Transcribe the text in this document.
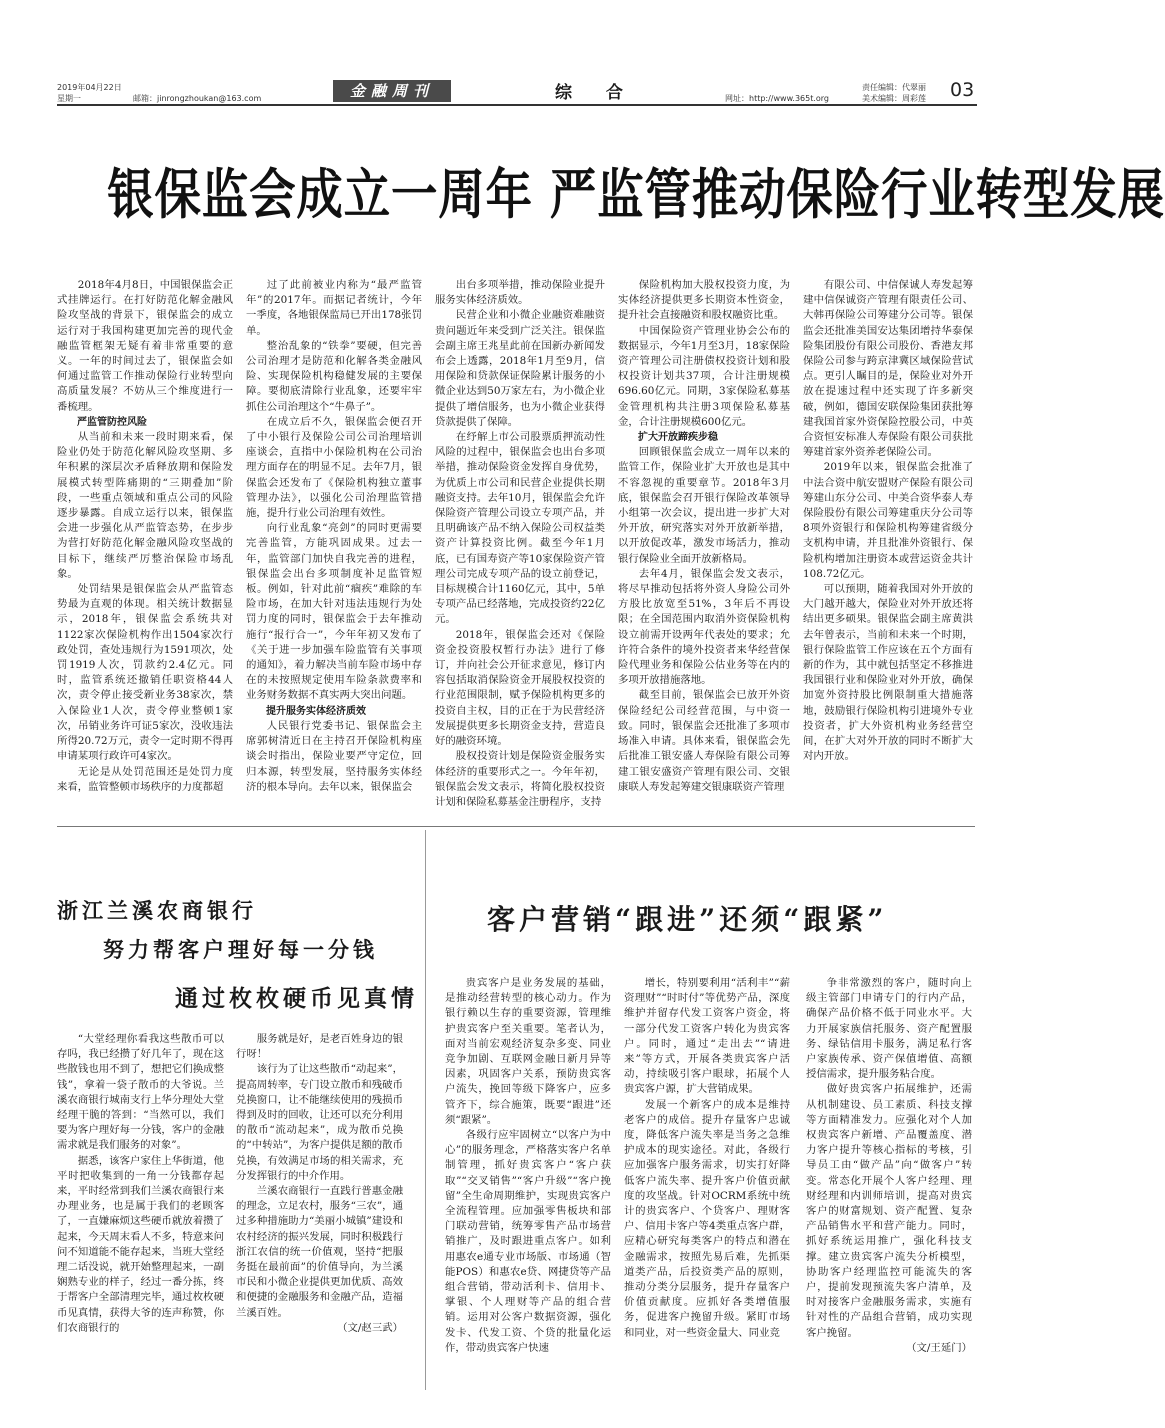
2019年04月22日
星期一	邮箱：jinrongzhoukan@163.com	金融周刊	综 合	网址：http://www.365t.org
责任编辑：代翠丽
美术编辑：周彩莲 03
银保监会成立一周年 严监管推动保险行业转型发展

2018年4月8日，中国银保监会正式挂牌运行。在打好防范化解金融风险攻坚战的背景下，银保监会的成立运行对于我国构建更加完善的现代金融监管框架无疑有着非常重要的意义。一年的时间过去了，银保监会如何通过监管工作推动保险行业转型向高质量发展？不妨从三个维度进行一番梳理。

严监管防控风险

从当前和未来一段时期来看，保险业仍处于防范化解风险攻坚期、多年积累的深层次矛盾释放期和保险发展模式转型阵痛期的“三期叠加”阶段，一些重点领域和重点公司的风险逐步暴露。自成立运行以来，银保监会进一步强化从严监管态势，在步步为营打好防范化解金融风险攻坚战的目标下，继续严厉整治保险市场乱象。

处罚结果是银保监会从严监管态势最为直观的体现。相关统计数据显示，2018年，银保监会系统共对1122家次保险机构作出1504家次行政处罚，查处违规行为1591项次，处罚1919人次，罚款约2.4亿元。同时，监管系统还撤销任职资格44人次，责令停止接受新业务38家次，禁入保险业1人次，责令停业整顿1家次，吊销业务许可证5家次，没收违法所得20.72万元，责令一定时期不得再申请某项行政许可4家次。

无论是从处罚范围还是处罚力度来看，监管整顿市场秩序的力度都超

过了此前被业内称为“最严监管年”的2017年。而据记者统计，今年一季度，各地银保监局已开出178张罚单。

整治乱象的“铁拳”要硬，但完善公司治理才是防范和化解各类金融风险、实现保险机构稳健发展的主要保障。要彻底清除行业乱象，还要牢牢抓住公司治理这个“牛鼻子”。

在成立后不久，银保监会便召开了中小银行及保险公司公司治理培训座谈会，直指中小保险机构在公司治理方面存在的明显不足。去年7月，银保监会还发布了《保险机构独立董事管理办法》，以强化公司治理监管措施，提升行业公司治理有效性。

向行业乱象“亮剑”的同时更需要完善监管，方能巩固成果。过去一年，监管部门加快自我完善的进程，银保监会出台多项制度补足监管短板。例如，针对此前“痼疾”难除的车险市场，在加大针对违法违规行为处罚力度的同时，银保监会于去年推动施行“报行合一”，今年年初又发布了《关于进一步加强车险监管有关事项的通知》，着力解决当前车险市场中存在的未按照规定使用车险条款费率和业务财务数据不真实两大突出问题。

提升服务实体经济质效

人民银行党委书记、银保监会主席郭树清近日在主持召开保险机构座谈会时指出，保险业要严守定位，回归本源，转型发展，坚持服务实体经济的根本导向。去年以来，银保监会

出台多项举措，推动保险业提升服务实体经济质效。

民营企业和小微企业融资难融资贵问题近年来受到广泛关注。银保监会副主席王兆星此前在国新办新闻发布会上透露，2018年1月至9月，信用保险和贷款保证保险累计服务的小微企业达到50万家左右，为小微企业提供了增信服务，也为小微企业获得贷款提供了保障。

在纾解上市公司股票质押流动性风险的过程中，银保监会也出台多项举措，推动保险资金发挥自身优势，为优质上市公司和民营企业提供长期融资支持。去年10月，银保监会允许保险资产管理公司设立专项产品，并且明确该产品不纳入保险公司权益类资产计算投资比例。截至今年1月底，已有国寿资产等10家保险资产管理公司完成专项产品的设立前登记，目标规模合计1160亿元，其中，5单专项产品已经落地，完成投资约22亿元。

2018年，银保监会还对《保险资金投资股权暂行办法》进行了修订，并向社会公开征求意见，修订内容包括取消保险资金开展股权投资的行业范围限制，赋予保险机构更多的投资自主权，目的正在于为民营经济发展提供更多长期资金支持，营造良好的融资环境。

股权投资计划是保险资金服务实体经济的重要形式之一。今年年初，银保监会发文表示，将简化股权投资计划和保险私募基金注册程序，支持

保险机构加大股权投资力度，为实体经济提供更多长期资本性资金，提升社会直接融资和股权融资比重。

中国保险资产管理业协会公布的数据显示，今年1月至3月，18家保险资产管理公司注册债权投资计划和股权投资计划共37项，合计注册规模696.60亿元。同期，3家保险私募基金管理机构共注册3项保险私募基金，合计注册规模600亿元。

扩大开放蹄疾步稳

回顾银保监会成立一周年以来的监管工作，保险业扩大开放也是其中不容忽视的重要章节。2018年3月底，银保监会召开银行保险改革领导小组第一次会议，提出进一步扩大对外开放，研究落实对外开放新举措，以开放促改革，激发市场活力，推动银行保险业全面开放新格局。

去年4月，银保监会发文表示，将尽早推动包括将外资人身险公司外方股比放宽至51%，3年后不再设限；在全国范围内取消外资保险机构设立前需开设两年代表处的要求；允许符合条件的境外投资者来华经营保险代理业务和保险公估业务等在内的多项开放措施落地。

截至目前，银保监会已放开外资保险经纪公司经营范围，与中资一致。同时，银保监会还批准了多项市场准入申请。具体来看，银保监会先后批准工银安盛人寿保险有限公司筹建工银安盛资产管理有限公司、交银康联人寿发起筹建交银康联资产管理

有限公司、中信保诚人寿发起筹建中信保诚资产管理有限责任公司、大韩再保险公司筹建分公司等。银保监会还批准美国安达集团增持华泰保险集团股份有限公司股份、香港友邦保险公司参与跨京津冀区域保险营试点。更引人瞩目的是，保险业对外开放在提速过程中还实现了许多新突破，例如，德国安联保险集团获批筹建我国首家外资保险控股公司，中英合资恒安标准人寿保险有限公司获批筹建首家外资养老保险公司。

2019年以来，银保监会批准了中法合资中航安盟财产保险有限公司筹建山东分公司、中美合资华泰人寿保险股份有限公司筹建重庆分公司等8项外资银行和保险机构筹建省级分支机构申请，并且批准外资银行、保险机构增加注册资本或营运资金共计108.72亿元。

可以预期，随着我国对外开放的大门越开越大，保险业对外开放还将结出更多硕果。银保监会副主席黄洪去年曾表示，当前和未来一个时期，银行保险监管工作应该在五个方面有新的作为，其中就包括坚定不移推进我国银行业和保险业对外开放，确保加宽外资持股比例限制重大措施落地，鼓励银行保险机构引进境外专业投资者，扩大外资机构业务经营空间，在扩大对外开放的同时不断扩大对内开放。

浙江兰溪农商银行
努力帮客户理好每一分钱
通过枚枚硬币见真情

“大堂经理你看我这些散币可以存吗，我已经攒了好几年了，现在这些散钱也用不到了，想把它们换成整钱”，拿着一袋子散币的大爷说。兰溪农商银行城南支行上华分理处大堂经理干脆的答到：“当然可以，我们要为客户理好每一分钱，客户的金融需求就是我们服务的对象”。

据悉，该客户家住上华街道，他平时把收集到的一角一分钱都存起来，平时经常到我们兰溪农商银行来办理业务，也是属于我们的老顾客了，一直嫌麻烦这些硬币就放着攒了起来，今天周末看人不多，特意来问问不知道能不能存起来，当班大堂经理二话没说，就开始整理起来，一副娴熟专业的样子，经过一番分拣，终于帮客户全部清理完毕，通过枚枚硬币见真情，获得大爷的连声称赞，你们农商银行的

服务就是好，是老百姓身边的银行呀！

该行为了让这些散币“动起来”，提高周转率，专门设立散币和残破币兑换窗口，让不能继续使用的残损币得到及时的回收，让还可以充分利用的散币“流动起来”，成为散币兑换的“中转站”，为客户提供足额的散币兑换，有效满足市场的相关需求，充分发挥银行的中介作用。

兰溪农商银行一直践行普惠金融的理念，立足农村，服务“三农”，通过多种措施助力“美丽小城镇”建设和农村经济的振兴发展，同时积极践行浙江农信的统一价值观，坚持“把服务挺在最前面”的价值导向，为兰溪市民和小微企业提供更加优质、高效和便捷的金融服务和金融产品，造福兰溪百姓。

（文/赵三武）

客户营销“跟进”还须“跟紧”

贵宾客户是业务发展的基础，是推动经营转型的核心动力。作为银行赖以生存的重要资源，管理维护贵宾客户至关重要。笔者认为，面对当前宏观经济复杂多变、同业竞争加剧、互联网金融日新月异等因素，巩固客户关系，预防贵宾客户流失，挽回等级下降客户，应多管齐下，综合施策，既要“跟进”还须“跟紧”。

各级行应牢固树立“以客户为中心”的服务理念，严格落实客户名单制管理，抓好贵宾客户“客户获取”“交叉销售”“客户升级”“客户挽留”全生命周期维护，实现贵宾客户全流程管理。应加强零售板块和部门联动营销，统筹零售产品市场营销推广，及时跟进重点客户。如利用惠农e通专业市场版、市场通（智能POS）和惠农e贷、网捷贷等产品组合营销，带动活利卡、信用卡、掌银、个人理财等产品的组合营销。运用对公客户数据资源，强化发卡、代发工资、个贷的批量化运作，带动贵宾客户快速

增长，特别要利用“活利丰”“薪资理财”“时时付”等优势产品，深度维护并留存代发工资客户资金，将一部分代发工资客户转化为贵宾客户。同时，通过“走出去”“请进来”等方式，开展各类贵宾客户活动，持续吸引客户眼球，拓展个人贵宾客户源，扩大营销成果。

发展一个新客户的成本是维持老客户的成倍。提升存量客户忠诚度，降低客户流失率是当务之急维护成本的现实途径。对此，各级行应加强客户服务需求，切实打好降低客户流失率、提升客户价值贡献度的攻坚战。针对OCRM系统中统计的贵宾客户、个贷客户、理财客户、信用卡客户等4类重点客户群，应精心研究每类客户的特点和潜在金融需求，按照先易后难，先抓渠道类产品，后投资类产品的原则，推动分类分层服务，提升存量客户价值贡献度。应抓好各类增值服务，促进客户挽留升级。紧盯市场和同业，对一些资金量大、同业竞

争非常激烈的客户，随时向上级主管部门申请专门的行内产品，确保产品价格不低于同业水平。大力开展家族信托服务、资产配置服务、绿钻信用卡服务，满足私行客户家族传承、资产保值增值、高额授信需求，提升服务粘合度。

做好贵宾客户拓展维护，还需从机制建设、员工素质、科技支撑等方面精准发力。应强化对个人加权贵宾客户新增、产品覆盖度、潜力客户提升等核心指标的考核，引导员工由“做产品”向“做客户”转变。常态化开展个人客户经理、理财经理和内训师培训，提高对贵宾客户的财富规划、资产配置、复杂产品销售水平和营产能力。同时，抓好系统运用推广，强化科技支撑。建立贵宾客户流失分析模型，协助客户经理监控可能流失的客户，提前发现预流失客户清单，及时对接客户金融服务需求，实施有针对性的产品组合营销，成功实现客户挽留。

（文/王延门）
